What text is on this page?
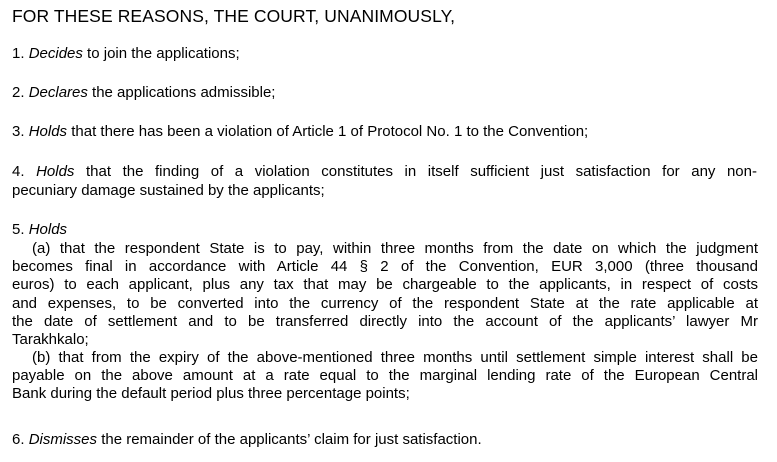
FOR THESE REASONS, THE COURT, UNANIMOUSLY,
1. Decides to join the applications;
2. Declares the applications admissible;
3. Holds that there has been a violation of Article 1 of Protocol No. 1 to the Convention;
4. Holds that the finding of a violation constitutes in itself sufficient just satisfaction for any non-
pecuniary damage sustained by the applicants;
5. Holds
(a) that the respondent State is to pay, within three months from the date on which the judgment
becomes final in accordance with Article 44 § 2 of the Convention, EUR 3,000 (three thousand
euros) to each applicant, plus any tax that may be chargeable to the applicants, in respect of costs
and expenses, to be converted into the currency of the respondent State at the rate applicable at
the date of settlement and to be transferred directly into the account of the applicants’ lawyer Mr
Tarakhkalo;
(b) that from the expiry of the above-mentioned three months until settlement simple interest shall be
payable on the above amount at a rate equal to the marginal lending rate of the European Central
Bank during the default period plus three percentage points;
6. Dismisses the remainder of the applicants’ claim for just satisfaction.
